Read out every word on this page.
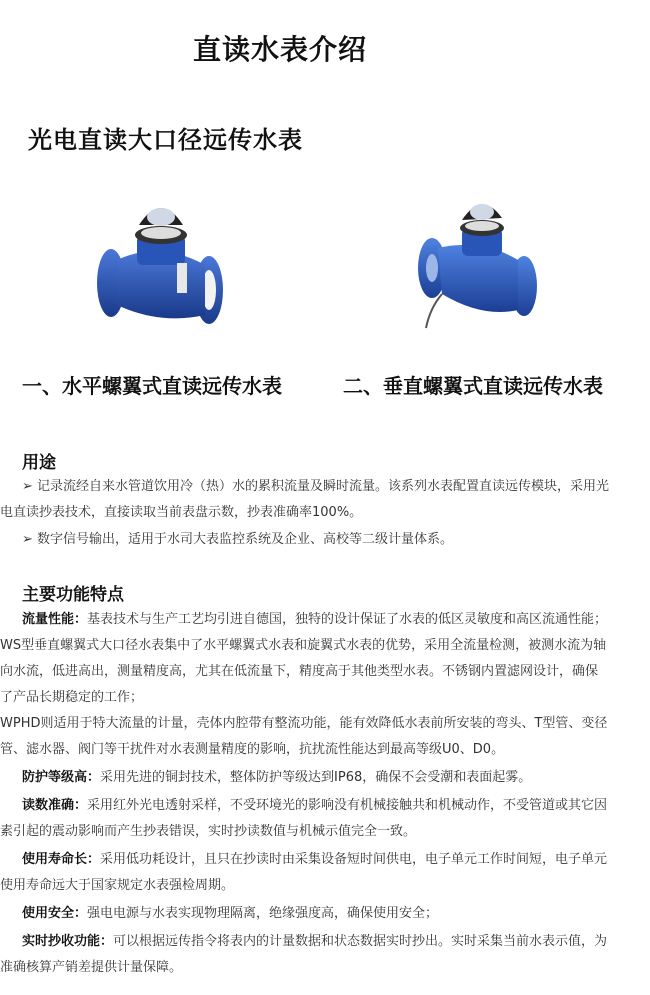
直读水表介绍
光电直读大口径远传水表
一、水平螺翼式直读远传水表	二、垂直螺翼式直读远传水表
用途
➢ 记录流经自来水管道饮用冷（热）水的累积流量及瞬时流量。该系列水表配置直读远传模块，采用光
电直读抄表技术，直接读取当前表盘示数，抄表准确率100%。
➢ 数字信号输出，适用于水司大表监控系统及企业、高校等二级计量体系。
主要功能特点
流量性能：基表技术与生产工艺均引进自德国，独特的设计保证了水表的低区灵敏度和高区流通性能；
WS型垂直螺翼式大口径水表集中了水平螺翼式水表和旋翼式水表的优势，采用全流量检测，被测水流为轴
向水流，低进高出，测量精度高，尤其在低流量下，精度高于其他类型水表。不锈钢内置滤网设计，确保
了产品长期稳定的工作；
WPHD则适用于特大流量的计量，壳体内腔带有整流功能，能有效降低水表前所安装的弯头、T型管、变径
管、滤水器、阀门等干扰件对水表测量精度的影响，抗扰流性能达到最高等级U0、D0。
防护等级高：采用先进的铜封技术，整体防护等级达到IP68，确保不会受潮和表面起雾。
读数准确：采用红外光电透射采样，不受环境光的影响没有机械接触共和机械动作，不受管道或其它因
素引起的震动影响而产生抄表错误，实时抄读数值与机械示值完全一致。
使用寿命长：采用低功耗设计，且只在抄读时由采集设备短时间供电，电子单元工作时间短，电子单元
使用寿命远大于国家规定水表强检周期。
使用安全：强电电源与水表实现物理隔离，绝缘强度高，确保使用安全；
实时抄收功能：可以根据远传指令将表内的计量数据和状态数据实时抄出。实时采集当前水表示值，为
准确核算产销差提供计量保障。
